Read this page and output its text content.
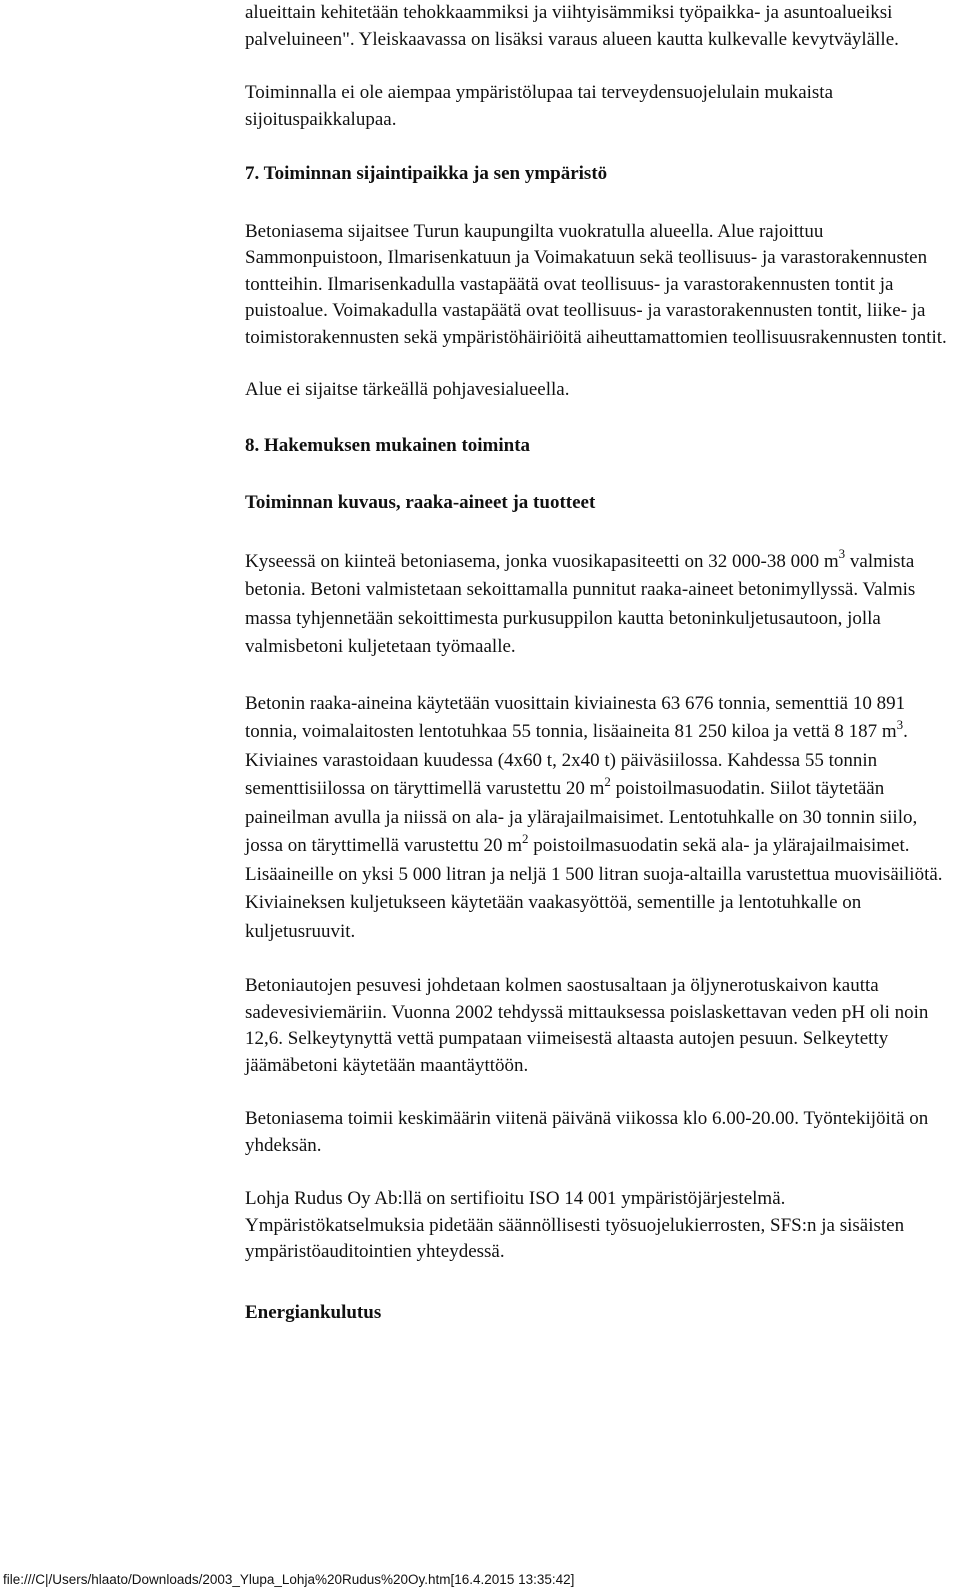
alueittain kehitetään tehokkaammiksi ja viihtyisämmiksi työpaikka- ja asuntoalueiksi palveluineen". Yleiskaavassa on lisäksi varaus alueen kautta kulkevalle kevytväylälle.

Toiminnalla ei ole aiempaa ympäristölupaa tai terveydensuojelulain mukaista sijoituspaikkalupaa.

7. Toiminnan sijaintipaikka ja sen ympäristö

Betoniasema sijaitsee Turun kaupungilta vuokratulla alueella. Alue rajoittuu Sammonpuistoon, Ilmarisenkatuun ja Voimakatuun sekä teollisuus- ja varastorakennusten tontteihin. Ilmarisenkadulla vastapäätä ovat teollisuus- ja varastorakennusten tontit ja puistoalue. Voimakadulla vastapäätä ovat teollisuus- ja varastorakennusten tontit, liike- ja toimistorakennusten sekä ympäristöhäiriöitä aiheuttamattomien teollisuusrakennusten tontit.

Alue ei sijaitse tärkeällä pohjavesialueella.

8. Hakemuksen mukainen toiminta
Toiminnan kuvaus, raaka-aineet ja tuotteet

Kyseessä on kiinteä betoniasema, jonka vuosikapasiteetti on 32 000-38 000 $m^3$ valmista betonia. Betoni valmistetaan sekoittamalla punnitut raaka-aineet betonimyllyssä. Valmis massa tyhjennetään sekoittimesta purkusuppilon kautta betoninkuljetusautoon, jolla valmisbetoni kuljetetaan työmaalle.

Betonin raaka-aineina käytetään vuosittain kiviainesta 63 676 tonnia, sementtiä 10 891 tonnia, voimalaitosten lentotuhkaa 55 tonnia, lisäaineita 81 250 kiloa ja vettä 8 187 $m^3$. Kiviaines varastoidaan kuudessa (4x60 t, 2x40 t) päiväsiilossa. Kahdessa 55 tonnin sementtisiilossa on täryttimellä varustettu 20 $m^2$ poistoilmasuodatin. Siilot täytetään paineilman avulla ja niissä on ala- ja ylärajailmaisimet. Lentotuhkalle on 30 tonnin siilo, jossa on täryttimellä varustettu 20 $m^2$ poistoilmasuodatin sekä ala- ja ylärajailmaisimet. Lisäaineille on yksi 5 000 litran ja neljä 1 500 litran suoja-altailla varustettua muovisäiliötä. Kiviaineksen kuljetukseen käytetään vaakasyöttöä, sementille ja lentotuhkalle on kuljetusruuvit.

Betoniautojen pesuvesi johdetaan kolmen saostusaltaan ja öljynerotuskaivon kautta sadevesiviemäriin. Vuonna 2002 tehdyssä mittauksessa poislaskettavan veden pH oli noin 12,6. Selkeytynyttä vettä pumpataan viimeisestä altaasta autojen pesuun. Selkeytetty jäämäbetoni käytetään maantäyttöön.

Betoniasema toimii keskimäärin viitenä päivänä viikossa klo 6.00-20.00. Työntekijöitä on yhdeksän.

Lohja Rudus Oy Ab:llä on sertifioitu ISO 14 001 ympäristöjärjestelmä. Ympäristökatselmuksia pidetään säännöllisesti työsuojelukierrosten, SFS:n ja sisäisten ympäristöauditointien yhteydessä.

Energiankulutus
file:///C|/Users/hlaato/Downloads/2003_Ylupa_Lohja%20Rudus%20Oy.htm[16.4.2015 13:35:42]
